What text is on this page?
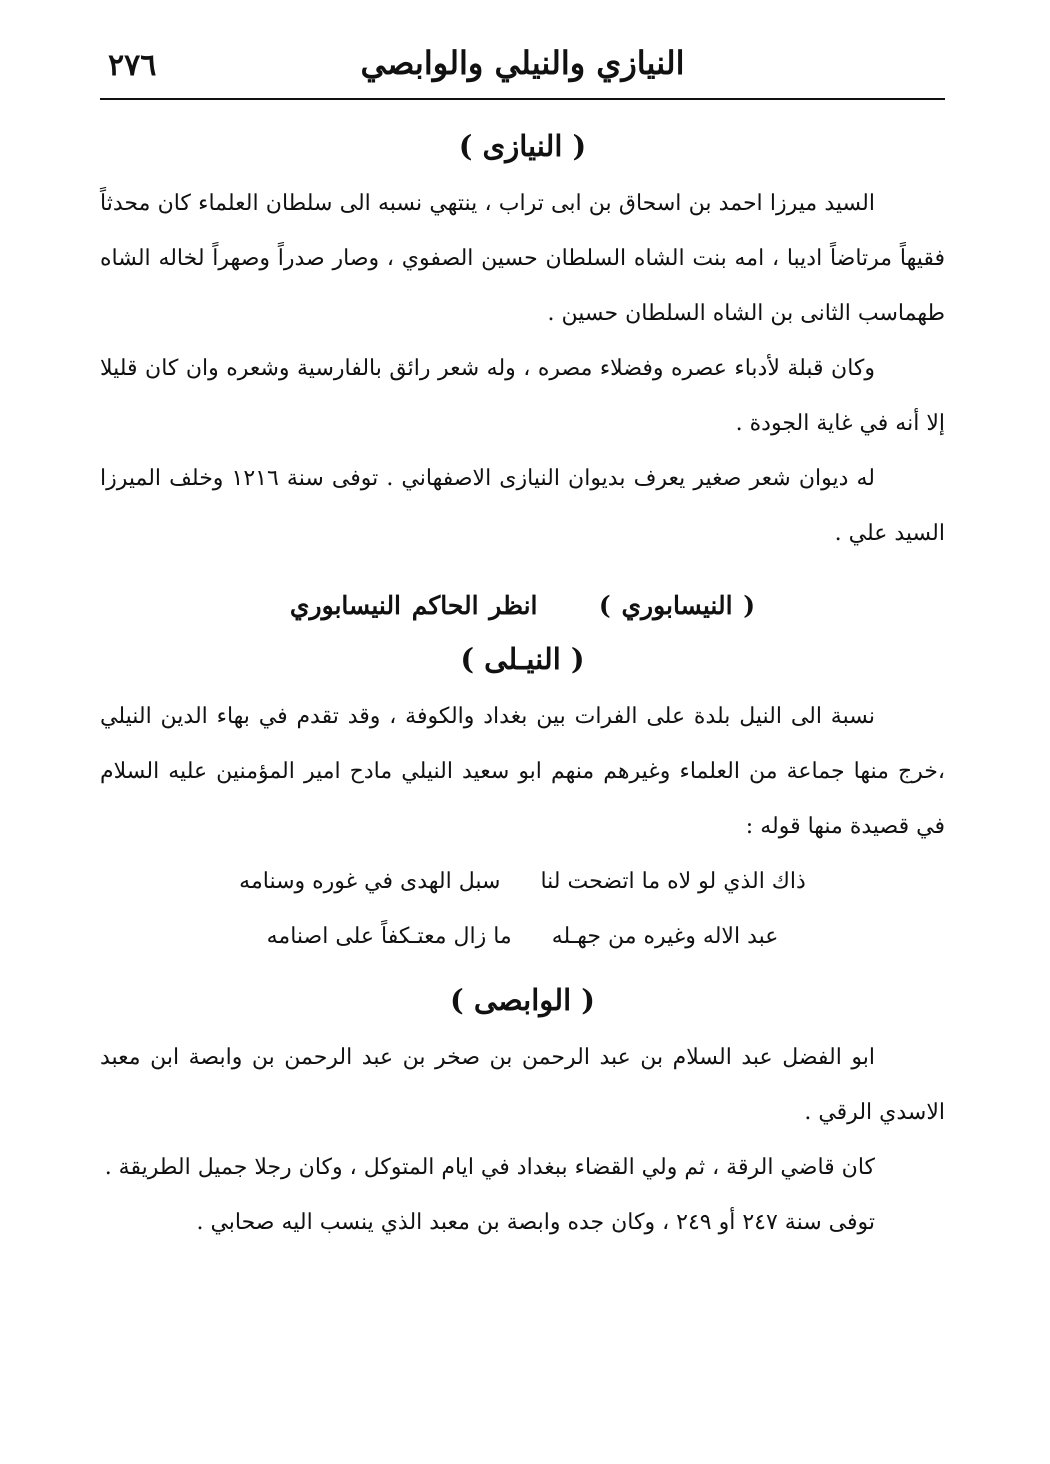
النيازي والنيلي والوابصي
٢٧٦
( النيازى )

السيد ميرزا احمد بن اسحاق بن ابى تراب ، ينتهي نسبه الى سلطان العلماء كان محدثاً فقيهاً مرتاضاً اديبا ، امه بنت الشاه السلطان حسين الصفوي ، وصار صدراً وصهراً لخاله الشاه طهماسب الثانى بن الشاه السلطان حسين .

وكان قبلة لأدباء عصره وفضلاء مصره ، وله شعر رائق بالفارسية وشعره وان كان قليلا إلا أنه في غاية الجودة .

له ديوان شعر صغير يعرف بديوان النيازى الاصفهاني . توفى سنة ١٢١٦ وخلف الميرزا السيد علي .

( النيسابوري )  انظر الحاكم النيسابوري
( النيـلى )

نسبة الى النيل بلدة على الفرات بين بغداد والكوفة ، وقد تقدم في بهاء الدين النيلي ،خرج منها جماعة من العلماء وغيرهم منهم ابو سعيد النيلي مادح امير المؤمنين عليه السلام في قصيدة منها قوله :

ذاك الذي لو لاه ما اتضحت لنا
سبل الهدى في غوره وسنامه
عبد الاله وغيره من جهـله
ما زال معتـكفاً على اصنامه
( الوابصى )

ابو الفضل عبد السلام بن عبد الرحمن بن صخر بن عبد الرحمن بن وابصة ابن معبد الاسدي الرقي .

كان قاضي الرقة ، ثم ولي القضاء ببغداد في ايام المتوكل ، وكان رجلا جميل الطريقة .

توفى سنة ٢٤٧ أو ٢٤٩ ، وكان جده وابصة بن معبد الذي ينسب اليه صحابي .
